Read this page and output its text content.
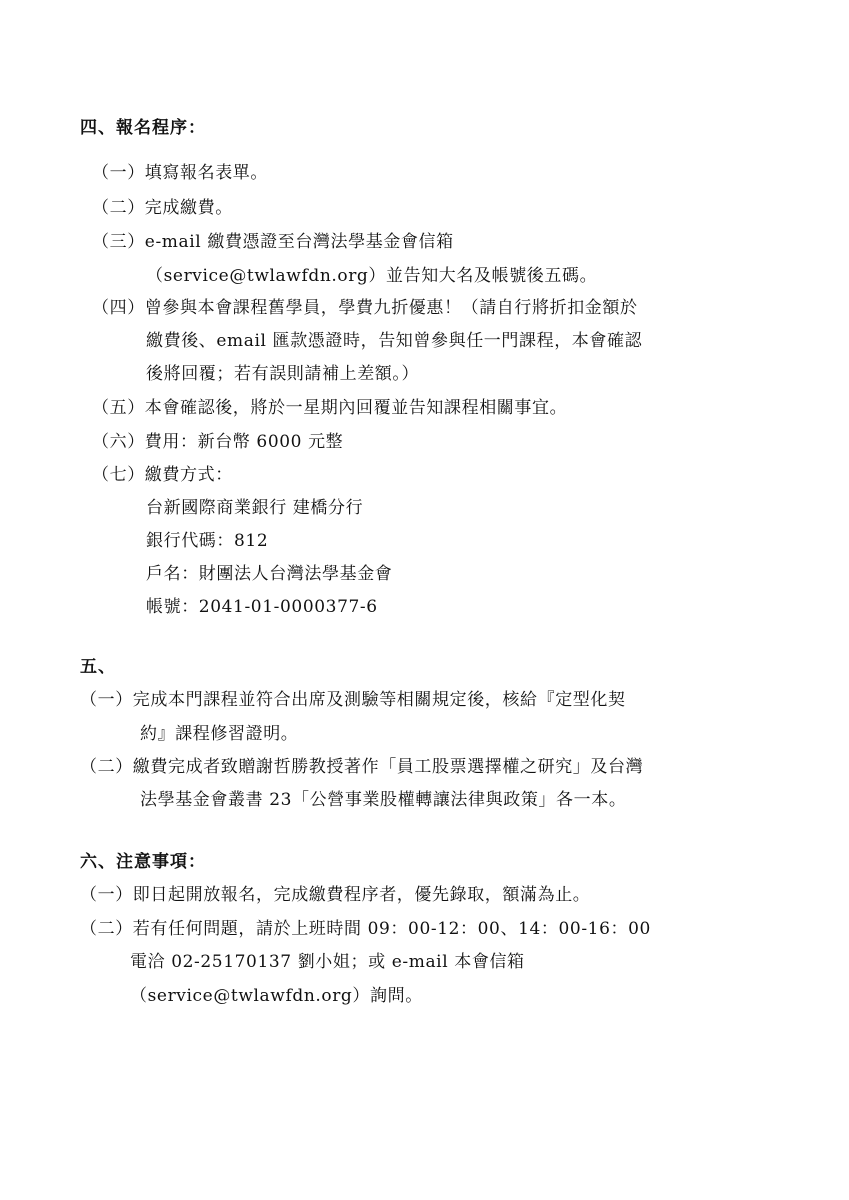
四、報名程序：
（一）填寫報名表單。
（二）完成繳費。
（三）e-mail 繳費憑證至台灣法學基金會信箱
（service@twlawfdn.org）並告知大名及帳號後五碼。
（四）曾參與本會課程舊學員，學費九折優惠！（請自行將折扣金額於
繳費後、email 匯款憑證時，告知曾參與任一門課程，本會確認
後將回覆；若有誤則請補上差額。）
（五）本會確認後，將於一星期內回覆並告知課程相關事宜。
（六）費用：新台幣 6000 元整
（七）繳費方式：
台新國際商業銀行 建橋分行
銀行代碼：812
戶名：財團法人台灣法學基金會
帳號：2041-01-0000377-6
五、
（一）完成本門課程並符合出席及測驗等相關規定後，核給『定型化契
約』課程修習證明。
（二）繳費完成者致贈謝哲勝教授著作「員工股票選擇權之研究」及台灣
法學基金會叢書 23「公營事業股權轉讓法律與政策」各一本。
六、注意事項：
（一）即日起開放報名，完成繳費程序者，優先錄取，額滿為止。
（二）若有任何問題，請於上班時間 09：00-12：00、14：00-16：00
電洽 02-25170137 劉小姐；或 e-mail 本會信箱
（service@twlawfdn.org）詢問。
